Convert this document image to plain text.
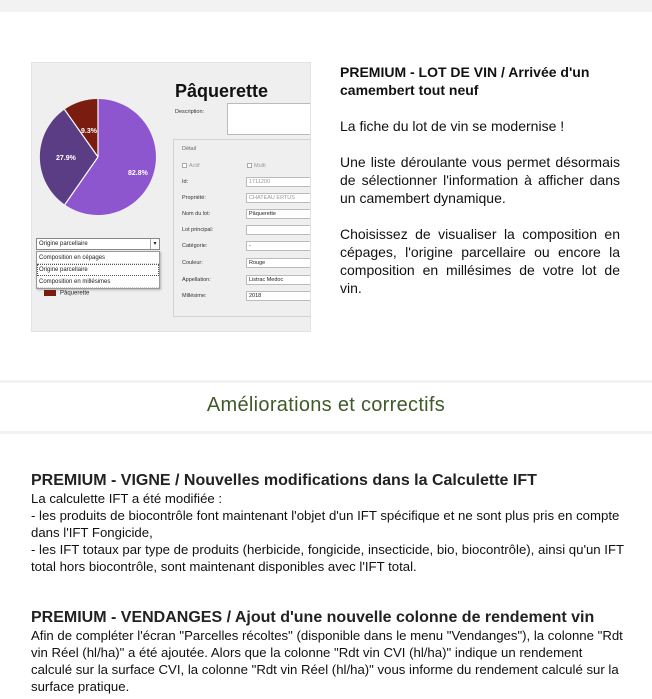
82.8%
27.9%
9.3%
Origine parcellaire	▾
Composition en cépages
Origine parcellaire
Composition en millésimes
Pâquerette
Pâquerette
Description:
Détail
Actif	Multi
Id:	1711200
Propriété:	CHATEAU ERTUS
Nom du lot:	Pâquerette
Lot principal:
Catégorie:	-
Couleur:	Rouge
Appellation:	Listrac Medoc
Millésime:	2018
PREMIUM - LOT DE VIN / Arrivée d'un camembert tout neuf

La fiche du lot de vin se modernise !

Une liste déroulante vous permet désormais de sélectionner l'information à afficher dans un camembert dynamique.

Choisissez de visualiser la composition en cépages, l'origine parcellaire ou encore la composition en millésimes de votre lot de vin.

Améliorations et correctifs
PREMIUM - VIGNE / Nouvelles modifications dans la Calculette IFT
La calculette IFT a été modifiée :
- les produits de biocontrôle font maintenant l'objet d'un IFT spécifique et ne sont plus pris en compte dans l'IFT Fongicide,
- les IFT totaux par type de produits (herbicide, fongicide, insecticide, bio, biocontrôle), ainsi qu'un IFT total hors biocontrôle, sont maintenant disponibles avec l'IFT total.
PREMIUM - VENDANGES / Ajout d'une nouvelle colonne de rendement vin
Afin de compléter l'écran "Parcelles récoltes" (disponible dans le menu "Vendanges"), la colonne "Rdt vin Réel (hl/ha)" a été ajoutée. Alors que la colonne "Rdt vin CVI (hl/ha)" indique un rendement calculé sur la surface CVI, la colonne "Rdt vin Réel (hl/ha)" vous informe du rendement calculé sur la surface pratique.
